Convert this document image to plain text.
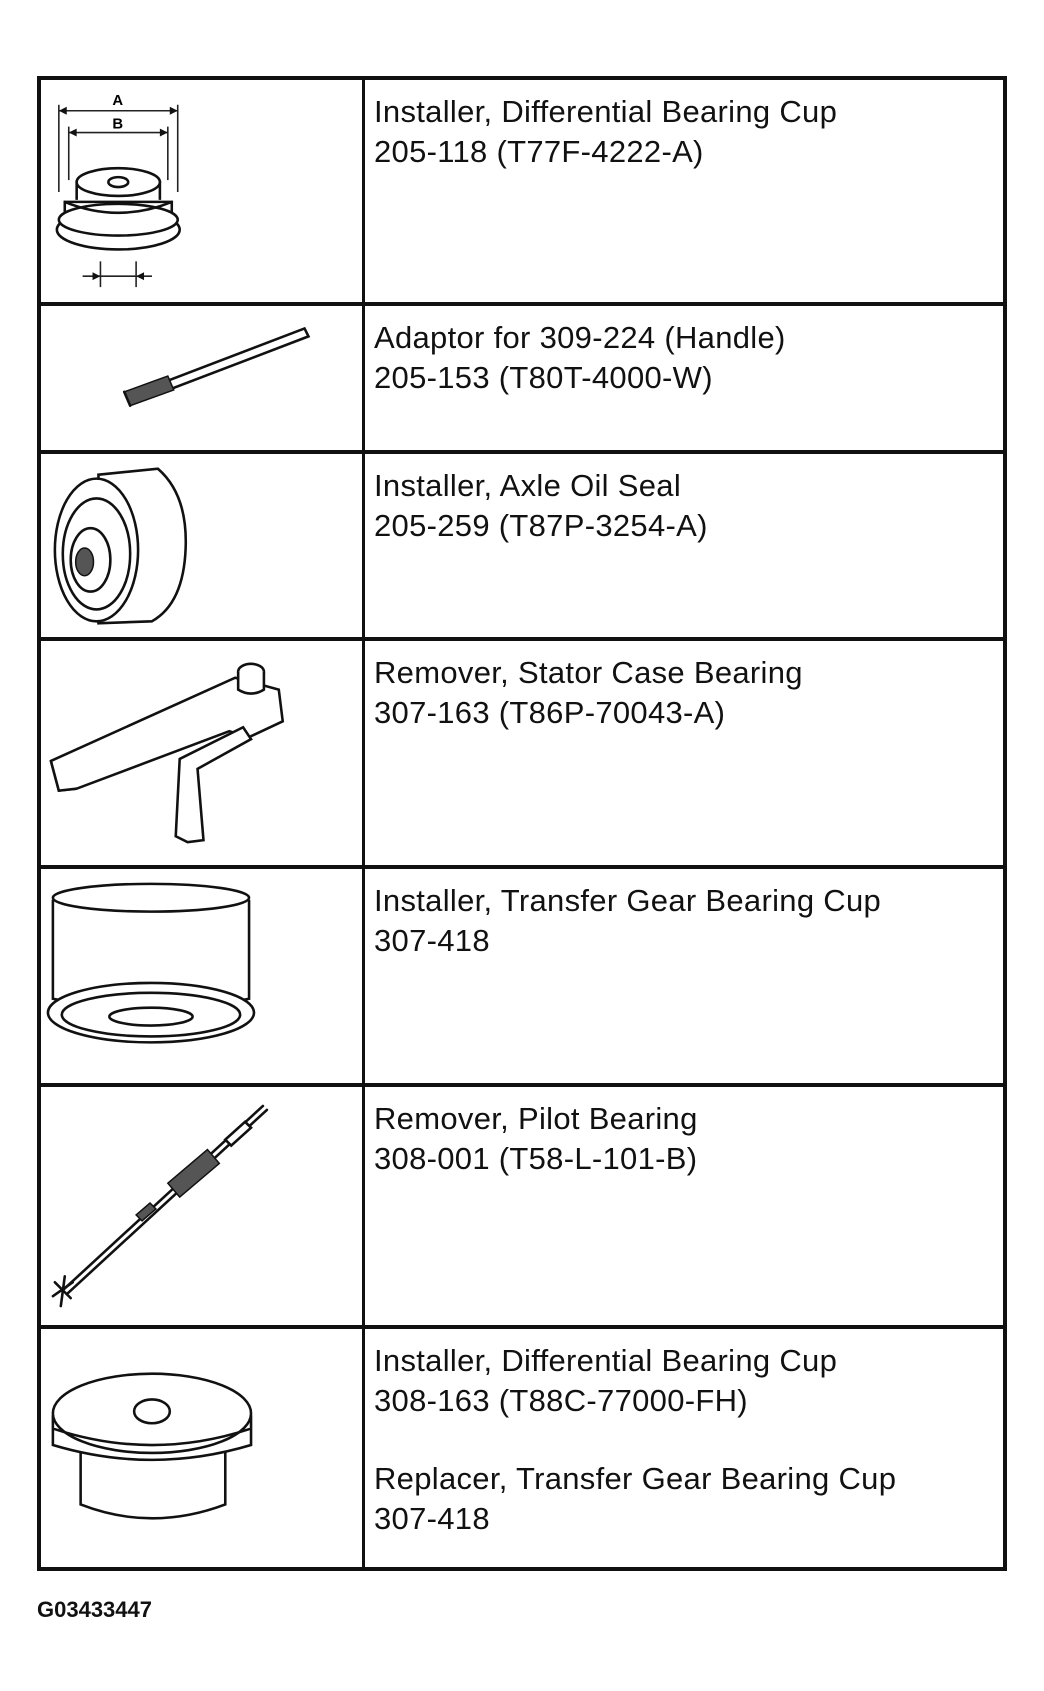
A
B	Installer, Differential Bearing Cup
205-118 (T77F-4222-A)
Adaptor for 309-224 (Handle)
205-153 (T80T-4000-W)
Installer, Axle Oil Seal
205-259 (T87P-3254-A)
Remover, Stator Case Bearing
307-163 (T86P-70043-A)
Installer, Transfer Gear Bearing Cup
307-418
Remover, Pilot Bearing
308-001 (T58-L-101-B)
Installer, Differential Bearing Cup
308-163 (T88C-77000-FH)
Replacer, Transfer Gear Bearing Cup
307-418
G03433447
